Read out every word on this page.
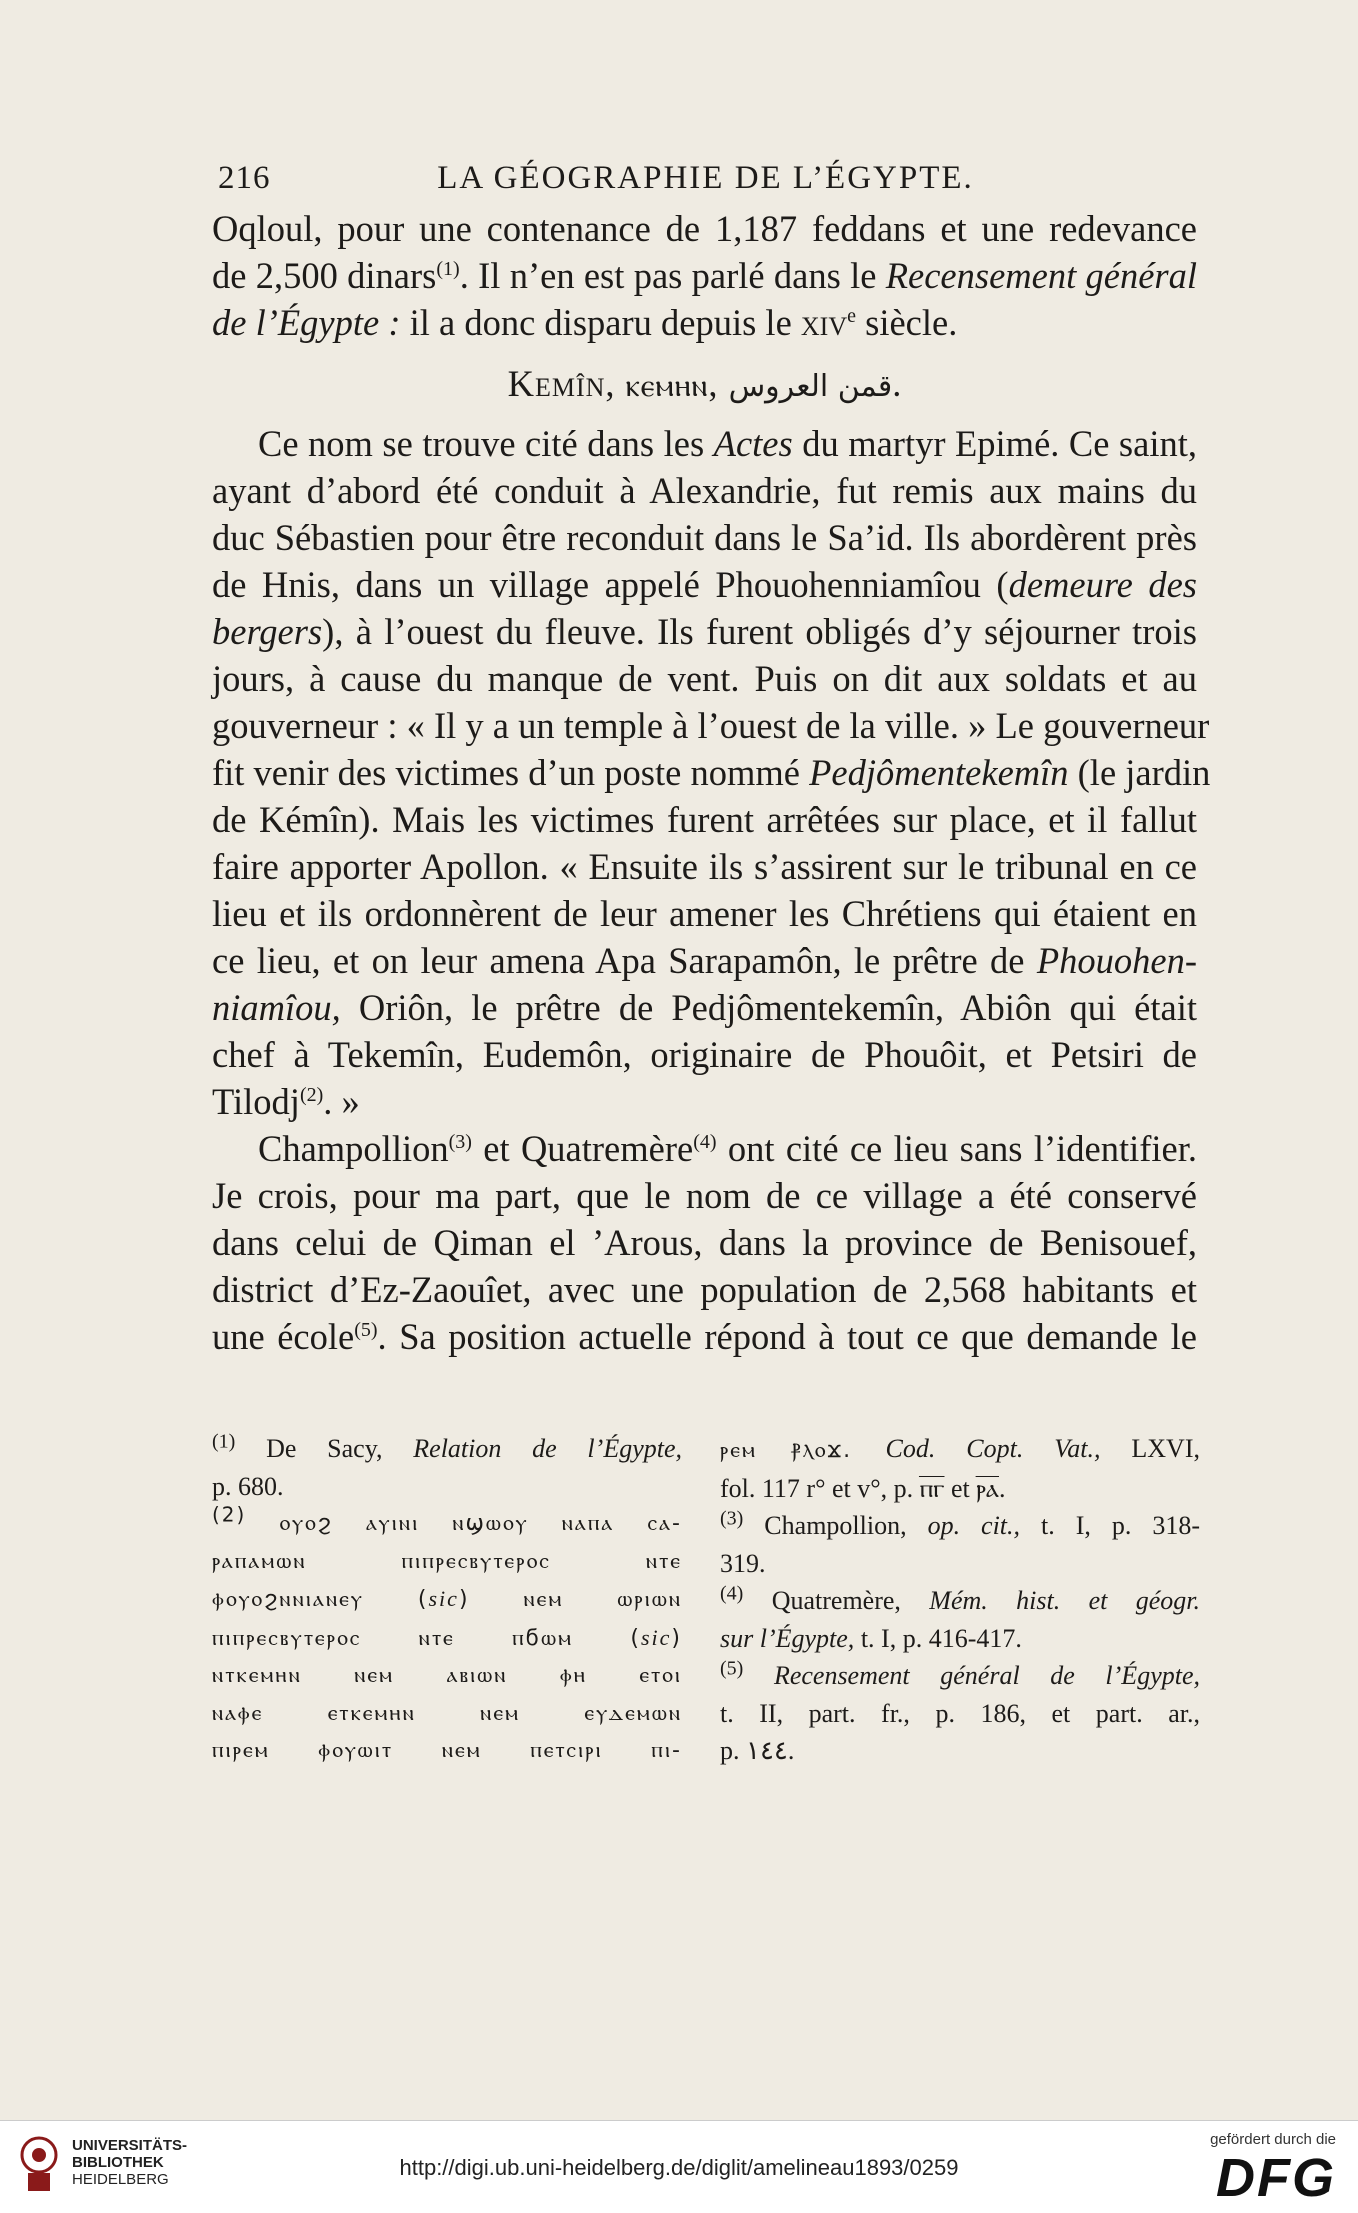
216	LA GÉOGRAPHIE DE L’ÉGYPTE.

Oqloul, pour une contenance de 1,187 feddans et une redevance
de 2,500 dinars$^{(1)}$. Il n’en est pas parlé dans le Recensement général
de l’Égypte : il a donc disparu depuis le xiv$^e$ siècle.

Kemîn, ⲕⲉⲙⲏⲛ, قمن العروس.

Ce nom se trouve cité dans les Actes du martyr Epimé. Ce saint,
ayant d’abord été conduit à Alexandrie, fut remis aux mains du
duc Sébastien pour être reconduit dans le Sa’id. Ils abordèrent près
de Hnis, dans un village appelé Phouohenniamîou (demeure des
bergers), à l’ouest du fleuve. Ils furent obligés d’y séjourner trois
jours, à cause du manque de vent. Puis on dit aux soldats et au
gouverneur : « Il y a un temple à l’ouest de la ville. » Le gouverneur
fit venir des victimes d’un poste nommé Pedjômentekemîn (le jardin
de Kémîn). Mais les victimes furent arrêtées sur place, et il fallut
faire apporter Apollon. « Ensuite ils s’assirent sur le tribunal en ce
lieu et ils ordonnèrent de leur amener les Chrétiens qui étaient en
ce lieu, et on leur amena Apa Sarapamôn, le prêtre de Phouohen-
niamîou, Oriôn, le prêtre de Pedjômentekemîn, Abiôn qui était
chef à Tekemîn, Eudemôn, originaire de Phouôit, et Petsiri de
Tilodj$^{(2)}$. »

Champollion$^{(3)}$ et Quatremère$^{(4)}$ ont cité ce lieu sans l’identifier.
Je crois, pour ma part, que le nom de ce village a été conservé
dans celui de Qiman el ’Arous, dans la province de Benisouef,
district d’Ez-Zaouîet, avec une population de 2,568 habitants et
une école$^{(5)}$. Sa position actuelle répond à tout ce que demande le

$^{(1)}$ De Sacy, Relation de l’Égypte,
p. 680.
$^{(2)}$ ⲟⲩⲟϩ ⲁⲩⲓⲛⲓ ⲛϣⲱⲟⲩ ⲛⲁⲡⲁ ⲥⲁ-
ⲣⲁⲡⲁⲙⲱⲛ ⲡⲓⲡⲣⲉⲥⲃⲩⲧⲉⲣⲟⲥ ⲛⲧⲉ
ⲫⲟⲩⲟϩⲛⲛⲓⲁⲛⲉⲩ (sic) ⲛⲉⲙ ⲱⲣⲓⲱⲛ
ⲡⲓⲡⲣⲉⲥⲃⲩⲧⲉⲣⲟⲥ ⲛⲧⲉ ⲡϭⲱⲙ (sic)
ⲛⲧⲕⲉⲙⲏⲛ ⲛⲉⲙ ⲁⲃⲓⲱⲛ ⲫⲏ ⲉⲧⲟⲓ
ⲛⲁⲫⲉ ⲉⲧⲕⲉⲙⲏⲛ ⲛⲉⲙ ⲉⲩⲇⲉⲙⲱⲛ
ⲡⲓⲣⲉⲙ ⲫⲟⲩⲱⲓⲧ ⲛⲉⲙ ⲡⲉⲧⲥⲓⲣⲓ ⲡⲓ-
ⲣⲉⲙ ⳁⲗⲟϫ. Cod. Copt. Vat., LXVI,
fol. 117 r° et v°, p. ⲡ̅ⲅ̅ et ⲣ̅ⲁ̅.
$^{(3)}$ Champollion, op. cit., t. I, p. 318-
319.
$^{(4)}$ Quatremère, Mém. hist. et géogr.
sur l’Égypte, t. I, p. 416-417.
$^{(5)}$ Recensement général de l’Égypte,
t. II, part. fr., p. 186, et part. ar.,
p. ١٤٤.
UNIVERSITÄTS-
BIBLIOTHEK
HEIDELBERG	http://digi.ub.uni-heidelberg.de/diglit/amelineau1893/0259
gefördert durch die
DFG
